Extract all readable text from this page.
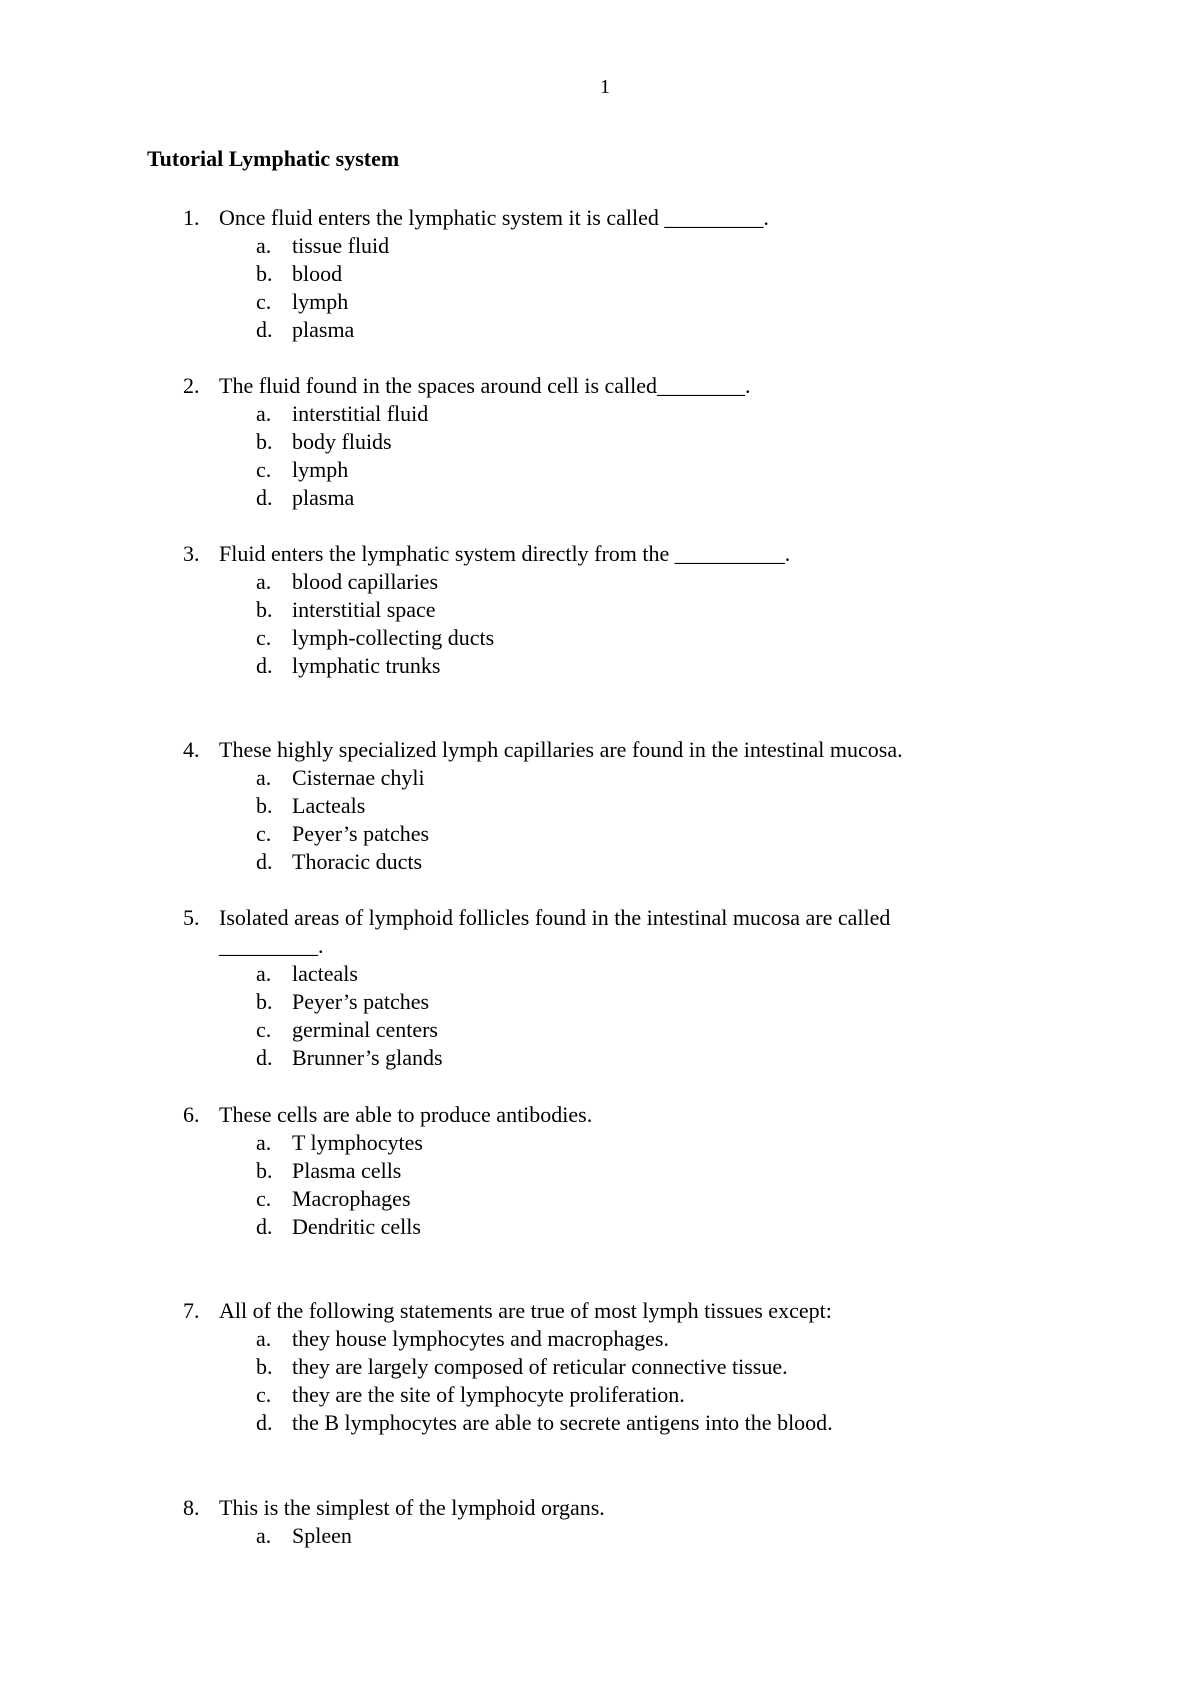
1
Tutorial Lymphatic system
1. Once fluid enters the lymphatic system it is called _________.
a. tissue fluid
b. blood
c. lymph
d. plasma
2. The fluid found in the spaces around cell is called________.
a. interstitial fluid
b. body fluids
c. lymph
d. plasma
3. Fluid enters the lymphatic system directly from the __________.
a. blood capillaries
b. interstitial space
c. lymph-collecting ducts
d. lymphatic trunks
4. These highly specialized lymph capillaries are found in the intestinal mucosa.
a. Cisternae chyli
b. Lacteals
c. Peyer’s patches
d. Thoracic ducts
5. Isolated areas of lymphoid follicles found in the intestinal mucosa are called
_________.
a. lacteals
b. Peyer’s patches
c. germinal centers
d. Brunner’s glands
6. These cells are able to produce antibodies.
a. T lymphocytes
b. Plasma cells
c. Macrophages
d. Dendritic cells
7. All of the following statements are true of most lymph tissues except:
a. they house lymphocytes and macrophages.
b. they are largely composed of reticular connective tissue.
c. they are the site of lymphocyte proliferation.
d. the B lymphocytes are able to secrete antigens into the blood.
8. This is the simplest of the lymphoid organs.
a. Spleen
